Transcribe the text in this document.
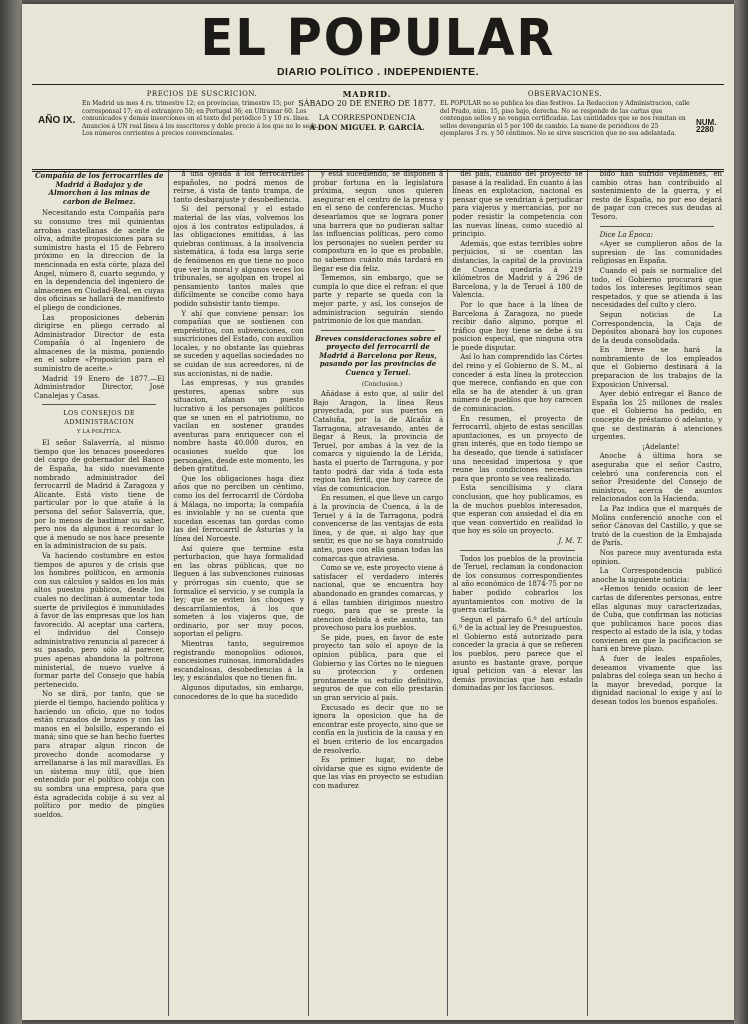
EL POPULAR
DIARIO POLÍTICO . INDEPENDIENTE.
AÑO IX.
PRECIOS DE SUSCRICION.
En Madrid un mes 4 rs. trimestre 12; en provincias, trimestre 15; por corresponsal 17; en el extranjero 50; en Portugal 36; en Ultramar 60. Los comunicados y demás inserciones en el texto del periódico 5 y 10 rs. línea. Anuncios á UN real línea á los suscritores y doble precio á los que no lo sean. Los números corrientes á precios convencionales.
MADRID.
SÁBADO 20 DE ENERO DE 1877.
LA CORRESPONDENCIA
Á DON MIGUEL P. GARCÍA.
OBSERVACIONES.
EL POPULAR no se publica los dias festivos. La Redaccion y Administracion, calle del Prado, núm. 15, piso bajo, derecha. No se responde de las cartas que contengan sellos y no vengan certificadas. Las cantidades que se nos remitan en sellos devengarán el 5 por 100 de cambio. La mano de periódicos de 25 ejemplares 3 rs. y 50 céntimos. No se sirve suscricion que no sea adelantada.
NUM. 2280

Compañía de los ferrocarriles de Madrid á Badajoz y de Almorchon á las minas de carbon de Belmez.

Necesitando esta Compañía para su consumo tres mil quinientas arrobas castellanas de aceite de oliva, admite proposiciones para su suministro hasta el 15 de Febrero próximo en la direccion de la mencionada en esta córte, plaza del Angel, número 8, cuarto segundo, y en la dependencia del ingeniero de almacenes en Ciudad-Real, en cuyas dos oficinas se hallará de manifiesto el pliego de condiciones.

Las proposiciones deberán dirigirse en pliego cerrado al Administrador Director de esta Compañía ó al Ingeniero de almacenes de la misma, poniendo en el sobre «Proposicion para el suministro de aceite.»

Madrid 19 Enero de 1877.—El Administrador Director, José Canalejas y Casas.

LOS CONSEJOS DE ADMINISTRACION

Y LA POLÍTICA.

El señor Salaverría, al mismo tiempo que los tenaces poseedores del cargo de gobernador del Banco de España, ha sido nuevamente nombrado administrador del ferrocarril de Madrid á Zaragoza y Alicante. Está visto tiene de particular por lo que atañe á la persona del señor Salaverría, que, por lo menos de bastimar su saber, pero nos da algunos á recordar lo que á menudo se nos hace presente en la administracion de su país.

Va haciendo costumbre en estos tiempos de apuros y de crisis que los hombres políticos, en armonía con sus cálculos y saldos en los más altos puestos públicos, desde los cuales no declinan á aumentar toda suerte de privilegios é inmunidades á favor de las empresas que los han favorecido. Al aceptar una cartera, el individuo del Consejo administrativo renuncia al parecer á su pasado, pero sólo al parecer, pues apenas abandona la poltrona ministerial, de nuevo vuelve á formar parte del Consejo que había pertenecido.

No se dirá, por tanto, que se pierde el tiempo, haciendo política y haciendo un oficio, que no todos están cruzados de brazos y con las manos en el bolsillo, esperando el maná; sino que se han hecho fuertes para atrapar algun rincon de provecho donde acomodarse y arrellanarse á las mil maravillas. Es un sistema muy útil, que bien entendido por el político cobija con su sombra una empresa, para que ésta agradecida cobije á su vez al político por medio de pingües sueldos.

á una ojeada á los ferrocarriles españoles, no podrá menos de reirse, á vista de tanto trampa, de tanto desbarajuste y desobediencia.

Si del personal y el estado material de las vías, volvemos los ojos á los contratos estipulados, á las obligaciones emitidas, á las quiebras continuas, á la insolvencia sistemática, á toda esa larga serie de fenómenos en que tiene no poco que ver la moral y algunos veces los tribunales, se agolpan en tropel al pensamiento tantos males que difícilmente se concibe como haya podido subsistir tanto tiempo.

Y ahí que conviene pensar: los compañías que se sostienen con empréstitos, con subvenciones, con suscriciones del Estado, con auxilios locales, y no obstante las quiebras se suceden y aquellas sociedades no se cuidan de sus acreedores, ni de sus accionistas, ni de nadie.

Las empresas, y sus grandes gestores, apenas sobre sus situacion, afanan un puesto lucrativo á los personajes políticos que se unen en el patriotismo, no vacilan en sostener grandes aventuras para enriquecer con el nombre hasta 40.000 duros, en ocasiones sueldo que los personajes, desde este momento, les deben gratitud.

Que los obligaciones haga diez años que no perciben un céntimo, como los del ferrocarril de Córdoba á Málaga, no importa; la compañía es inviolable y no se cuenta que sucedan escenas tan gordas como las del ferrocarril de Asturias y la línea del Noroeste.

Así quiere que termine esta perturbacion, que haya formalidad en las obras públicas, que no lleguen á las subvenciones ruinosas y prórrogas sin cuento, que se formalice el servicio, y se cumpla la ley; que se eviten los choques y descarrilamientos, á los que someten á los viajeros que, de ordinario, por ser muy pocos, soportan el peligro.

Mientras tanto, seguiremos registrando monopolios odiosos, concesiones ruinosas, inmoralidades escandalosas, desobediencias á la ley, y escándalos que no tienen fin.

Algunos diputados, sin embargo, conocedores de lo que ha sucedido

y está sucediendo, se disponen á probar fortuna en la legislatura próxima, segun unos quieren asegurar en el centro de la prensa y en el seno de conferencias. Mucho desearíamos que se lograra poner una barrera que no pudieran saltar las influencias políticas, pero como los personajes no suelen perder su compostura en lo que es probable, no sabemos cuánto más tardará en llegar ese dia feliz.

Tememos, sin embargo, que se cumpla lo que dice el refran: el que parte y reparte se queda con la mejor parte, y así, los consejos de administracion seguirán siendo patrimonio de los que mandan.

Breves consideraciones sobre el proyecto del ferrocarril de Madrid á Barcelona por Reus, pasando por las provincias de Cuenca y Teruel.

(Conclusion.)

Añádase á esto que, al salir del Bajo Aragon, la línea Reus proyectada, por sus puertos en Cataluña, por la de Alcañiz á Tarragona, atravesando, antes de llegar á Reus, la provincia de Teruel, por ambas á la vez de la comarca y siguiendo la de Lérida, hasta el puerto de Tarragona, y por tanto podrá dar vida á toda esta region tan fértil, que hoy carece de vías de comunicacion.

En resumen, el que lleve un cargo á la provincia de Cuenca, á la de Teruel y á la de Tarragona, podrá convencerse de las ventajas de esta linea, y de que, si algo hay que sentir, es que no se haya construido antes, pues con ella ganan todas las comarcas que atraviesa.

Como se ve, este proyecto viene á satisfacer el verdadero interés nacional, que se encuentra hoy abandonado en grandes comarcas, y á ellas tambien dirigimos nuestro ruego, para que se preste la atencion debida á este asunto, tan provechoso para los pueblos.

Se pide, pues, en favor de este proyecto tan sólo el apoyo de la opinion pública, para que el Gobierno y las Córtes no le nieguen su proteccion y ordenen prontamente su estudio definitivo, seguros de que con ello prestarán un gran servicio al país.

Excusado es decir que no se ignora la oposicion que ha de encontrar este proyecto, sino que se confía en la justicia de la causa y en el buen criterio de los encargados de resolverlo.

Es primer lugar, no debe olvidarse que es signo evidente de que las vías en proyecto se estudian con madurez

del país, cuando del proyecto se pasase á la realidad. En cuanto á las líneas en explotacion, nacional es pensar que se vendrian á perjudicar para viajeros y mercancías, por no poder resistir la competencia con las nuevas líneas, como sucedió al principio.

Además, que estas terribles sobre perjuicios, si se cuentan las distancias, la capital de la provincia de Cuenca quedaria á 219 kilómetros de Madrid y á 296 de Barcelona, y la de Teruel á 180 de Valencia.

Por lo que hace á la línea de Barcelona á Zaragoza, no puede recibir daño alguno, porque el tráfico que hoy tiene se debe á su posicion especial, que ninguna otra le puede disputar.

Así lo han comprendido las Córtes del reino y el Gobierno de S. M., al conceder á esta línea la proteccion que merece, confiando en que con ella se ha de atender á un gran número de pueblos que hoy carecen de comunicacion.

En resumen, el proyecto de ferrocarril, objeto de estas sencillas apuntaciones, es un proyecto de gran interés, que en todo tiempo se ha deseado, que tiende á satisfacer una necesidad imperiosa y que reune las condiciones necesarias para que pronto se vea realizado.

Esta sencillísima y clara conclusion, que hoy publicamos, es la de muchos pueblos interesados, que esperan con ansiedad el dia en que vean convertido en realidad lo que hoy es sólo un proyecto.

J. M. T.

Todos los pueblos de la provincia de Teruel, reclaman la condonacion de los consumos correspondientes al año económico de 1874-75 por no haber podido cobrarlos los ayuntamientos con motivo de la guerra carlista.

Segun el párrafo 6.º del artículo 6.º de la actual ley de Presupuestos, el Gobierno está autorizado para conceder la gracia á que se refieren los pueblos, pero parece que el asunto es bastante grave, porque igual peticion van á elevar las demás provincias que han estado dominadas por los facciosos.

bido han sufrido vejámenes, en cambio otras han contribuido al sostenimiento de la guerra, y el resto de España, no por eso dejará de pagar con creces sus deudas al Tesoro.

Dice La Época:

«Ayer se cumplieron años de la supresion de las comunidades religiosas en España.

Cuando el país se normalice del todo, el Gobierno procurará que todos los intereses legítimos sean respetados, y que se atienda á las necesidades del culto y clero.

Segun noticias de La Correspondencia, la Caja de Depósitos abonará hoy los cupones de la deuda consolidada.

En breve se hará la nombramiento de los empleados que el Gobierno destinará á la preparacion de los trabajos de la Exposicion Universal.

Ayer debió entregar el Banco de España los 25 millones de reales que el Gobierno ha pedido, en concepto de préstamo ó adelanto, y que se destinarán á atenciones urgentes.

¡Adelante!

Anoche á última hora se aseguraba que el señor Castro, celebró una conferencia con el señor Presidente del Consejo de ministros, acerca de asuntos relacionados con la Hacienda.

La Paz indica que el marqués de Molins conferenció anoche con el señor Cánovas del Castillo, y que se trató de la cuestion de la Embajada de París.

Nos parece muy aventurada esta opinion.

La Correspondencia publicó anoche la siguiente noticia:

«Hemos tenido ocasion de leer cartas de diferentes personas, entre ellas algunas muy caracterizadas, de Cuba, que confirman las noticias que publicamos hace pocos dias respecto al estado de la isla, y todas convienen en que la pacificacion se hará en breve plazo.

A fuer de leales españoles, deseamos vivamente que las palabras del colega sean un hecho á la mayor brevedad, porque la dignidad nacional lo exige y así lo desean todos los buenos españoles.
